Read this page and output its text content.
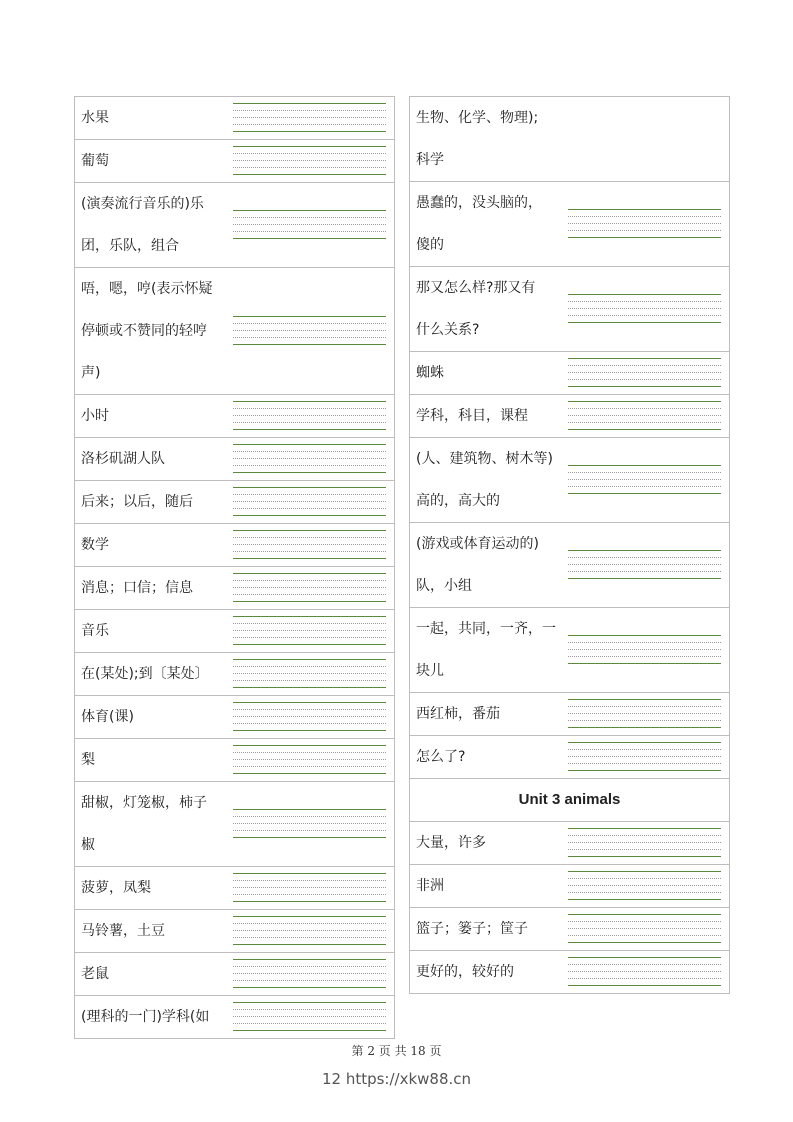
水果
葡萄
(演奏流行音乐的)乐
团，乐队，组合
唔，嗯，哼(表示怀疑
停顿或不赞同的轻哼
声)
小时
洛杉矶湖人队
后来；以后，随后
数学
消息；口信；信息
音乐
在(某处);到〔某处〕
体育(课)
梨
甜椒，灯笼椒，柿子
椒
菠萝，凤梨
马铃薯，土豆
老鼠
(理科的一门)学科(如
生物、化学、物理);
科学
愚蠢的，没头脑的，
傻的
那又怎么样?那又有
什么关系?
蜘蛛
学科，科目，课程
(人、建筑物、树木等)
高的，高大的
(游戏或体育运动的)
队，小组
一起，共同，一齐，一
块儿
西红柿，番茄
怎么了?
Unit 3 animals
大量，许多
非洲
篮子；篓子；筐子
更好的，较好的
第 2 页 共 18 页
12 https://xkw88.cn
